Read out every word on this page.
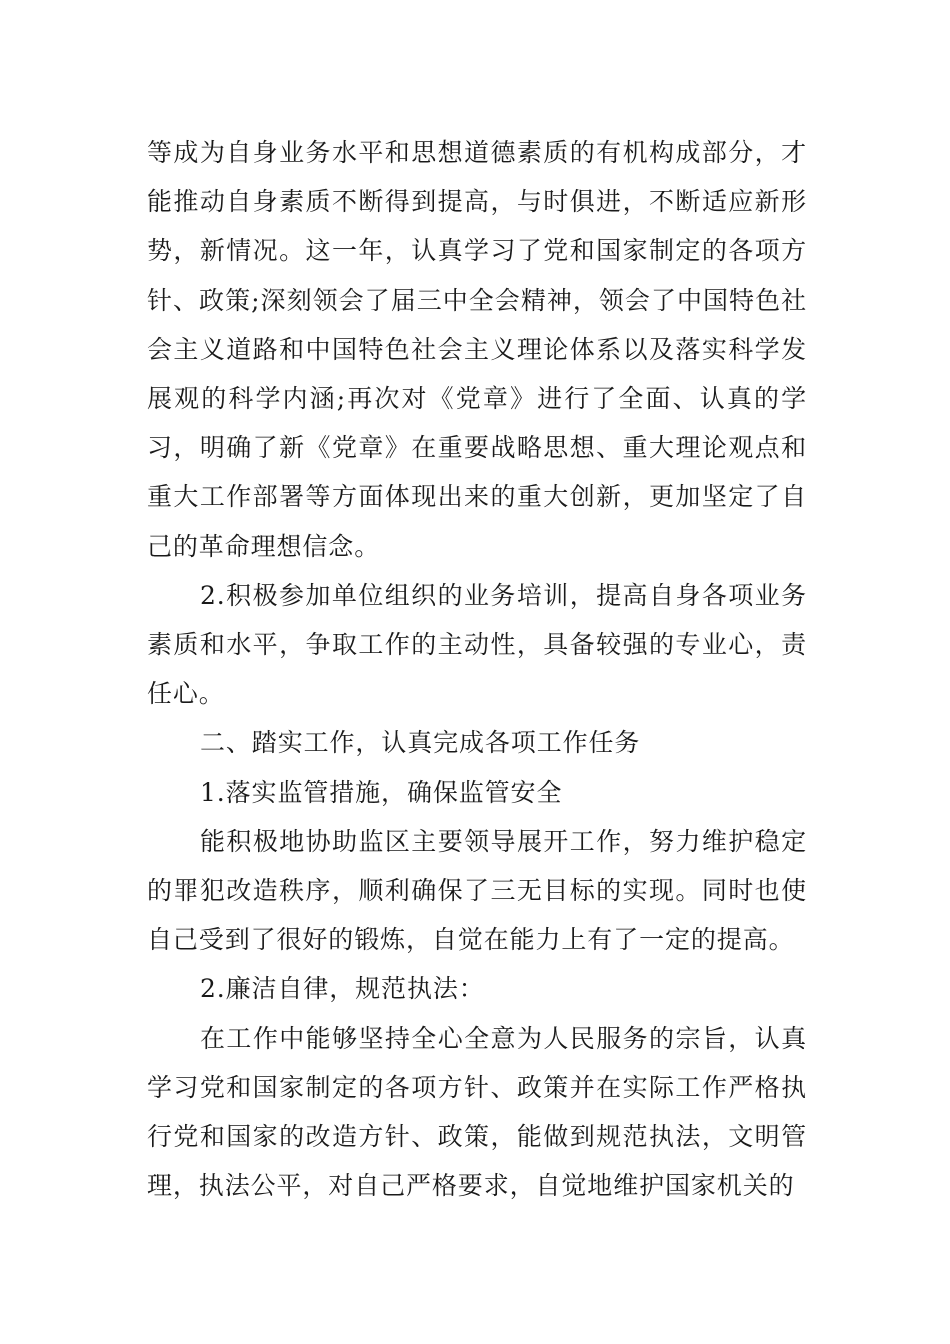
等成为自身业务水平和思想道德素质的有机构成部分，才能推动自身素质不断得到提高，与时俱进，不断适应新形势，新情况。这一年，认真学习了党和国家制定的各项方针、政策;深刻领会了届三中全会精神，领会了中国特色社会主义道路和中国特色社会主义理论体系以及落实科学发展观的科学内涵;再次对《党章》进行了全面、认真的学习，明确了新《党章》在重要战略思想、重大理论观点和重大工作部署等方面体现出来的重大创新，更加坚定了自己的革命理想信念。

2.积极参加单位组织的业务培训，提高自身各项业务素质和水平，争取工作的主动性，具备较强的专业心，责任心。

二、踏实工作，认真完成各项工作任务

1.落实监管措施，确保监管安全

能积极地协助监区主要领导展开工作，努力维护稳定的罪犯改造秩序，顺利确保了三无目标的实现。同时也使自己受到了很好的锻炼，自觉在能力上有了一定的提高。

2.廉洁自律，规范执法：

在工作中能够坚持全心全意为人民服务的宗旨，认真学习党和国家制定的各项方针、政策并在实际工作严格执行党和国家的改造方针、政策，能做到规范执法，文明管理，执法公平，对自己严格要求，自觉地维护国家机关的
